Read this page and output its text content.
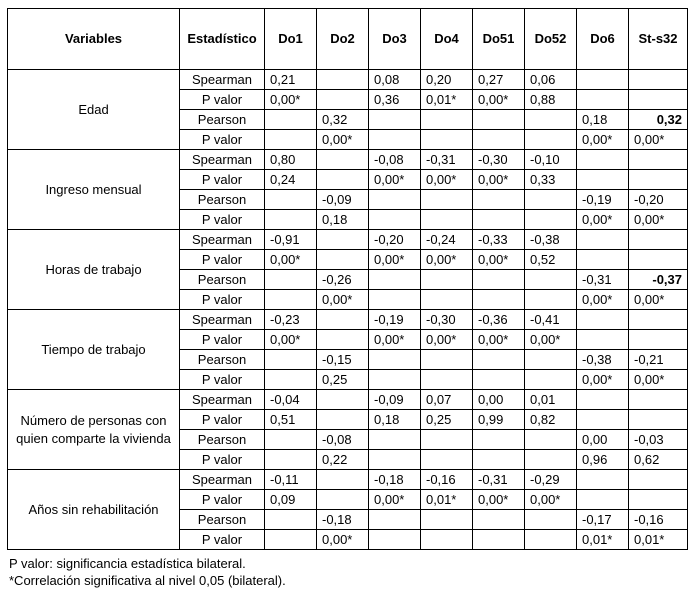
Variables	Estadístico	Do1	Do2	Do3	Do4	Do51	Do52	Do6	St-s32
Edad	Spearman	0,21		0,08	0,20	0,27	0,06		
	P valor	0,00*		0,36	0,01*	0,00*	0,88		
	Pearson		0,32					0,18	0,32
	P valor		0,00*					0,00*	0,00*
Ingreso mensual	Spearman	0,80		-0,08	-0,31	-0,30	-0,10		
	P valor	0,24		0,00*	0,00*	0,00*	0,33		
	Pearson		-0,09					-0,19	-0,20
	P valor		0,18					0,00*	0,00*
Horas de trabajo	Spearman	-0,91		-0,20	-0,24	-0,33	-0,38		
	P valor	0,00*		0,00*	0,00*	0,00*	0,52		
	Pearson		-0,26					-0,31	-0,37
	P valor		0,00*					0,00*	0,00*
Tiempo de trabajo	Spearman	-0,23		-0,19	-0,30	-0,36	-0,41		
	P valor	0,00*		0,00*	0,00*	0,00*	0,00*		
	Pearson		-0,15					-0,38	-0,21
	P valor		0,25					0,00*	0,00*
Número de personas con quien comparte la vivienda	Spearman	-0,04		-0,09	0,07	0,00	0,01		
	P valor	0,51		0,18	0,25	0,99	0,82		
	Pearson		-0,08					0,00	-0,03
	P valor		0,22					0,96	0,62
Años sin rehabilitación	Spearman	-0,11		-0,18	-0,16	-0,31	-0,29		
	P valor	0,09		0,00*	0,01*	0,00*	0,00*		
	Pearson		-0,18					-0,17	-0,16
	P valor		0,00*					0,01*	0,01*
P valor: significancia estadística bilateral.
*Correlación significativa al nivel 0,05 (bilateral).
